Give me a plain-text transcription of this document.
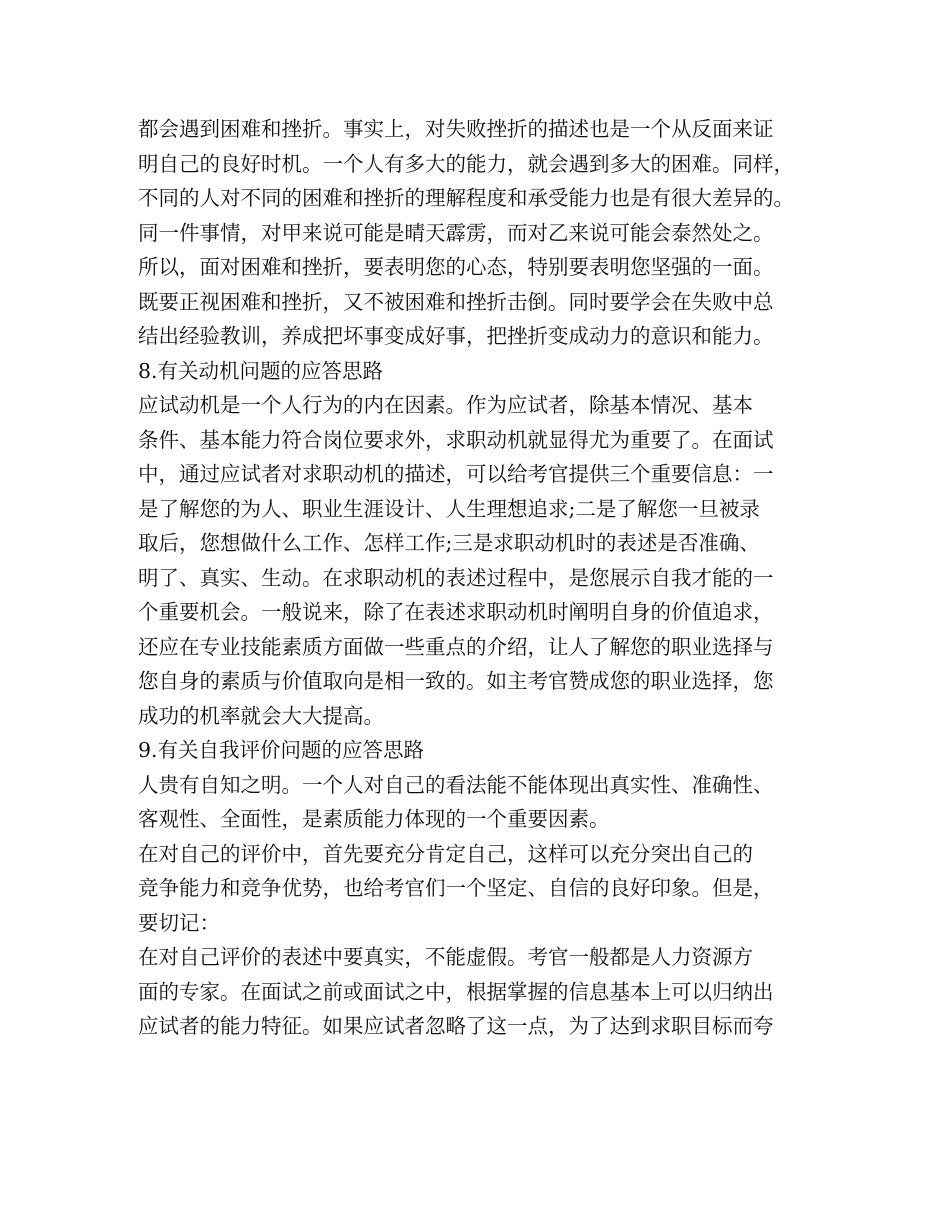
都会遇到困难和挫折。事实上，对失败挫折的描述也是一个从反面来证
明自己的良好时机。一个人有多大的能力，就会遇到多大的困难。同样，
不同的人对不同的困难和挫折的理解程度和承受能力也是有很大差异的。
同一件事情，对甲来说可能是晴天霹雳，而对乙来说可能会泰然处之。
所以，面对困难和挫折，要表明您的心态，特别要表明您坚强的一面。
既要正视困难和挫折，又不被困难和挫折击倒。同时要学会在失败中总
结出经验教训，养成把坏事变成好事，把挫折变成动力的意识和能力。
8.有关动机问题的应答思路
应试动机是一个人行为的内在因素。作为应试者，除基本情况、基本
条件、基本能力符合岗位要求外，求职动机就显得尤为重要了。在面试
中，通过应试者对求职动机的描述，可以给考官提供三个重要信息：一
是了解您的为人、职业生涯设计、人生理想追求;二是了解您一旦被录
取后，您想做什么工作、怎样工作;三是求职动机时的表述是否准确、
明了、真实、生动。在求职动机的表述过程中，是您展示自我才能的一
个重要机会。一般说来，除了在表述求职动机时阐明自身的价值追求，
还应在专业技能素质方面做一些重点的介绍，让人了解您的职业选择与
您自身的素质与价值取向是相一致的。如主考官赞成您的职业选择，您
成功的机率就会大大提高。
9.有关自我评价问题的应答思路
人贵有自知之明。一个人对自己的看法能不能体现出真实性、准确性、
客观性、全面性，是素质能力体现的一个重要因素。
在对自己的评价中，首先要充分肯定自己，这样可以充分突出自己的
竞争能力和竞争优势，也给考官们一个坚定、自信的良好印象。但是，
要切记：
在对自己评价的表述中要真实，不能虚假。考官一般都是人力资源方
面的专家。在面试之前或面试之中，根据掌握的信息基本上可以归纳出
应试者的能力特征。如果应试者忽略了这一点，为了达到求职目标而夸
